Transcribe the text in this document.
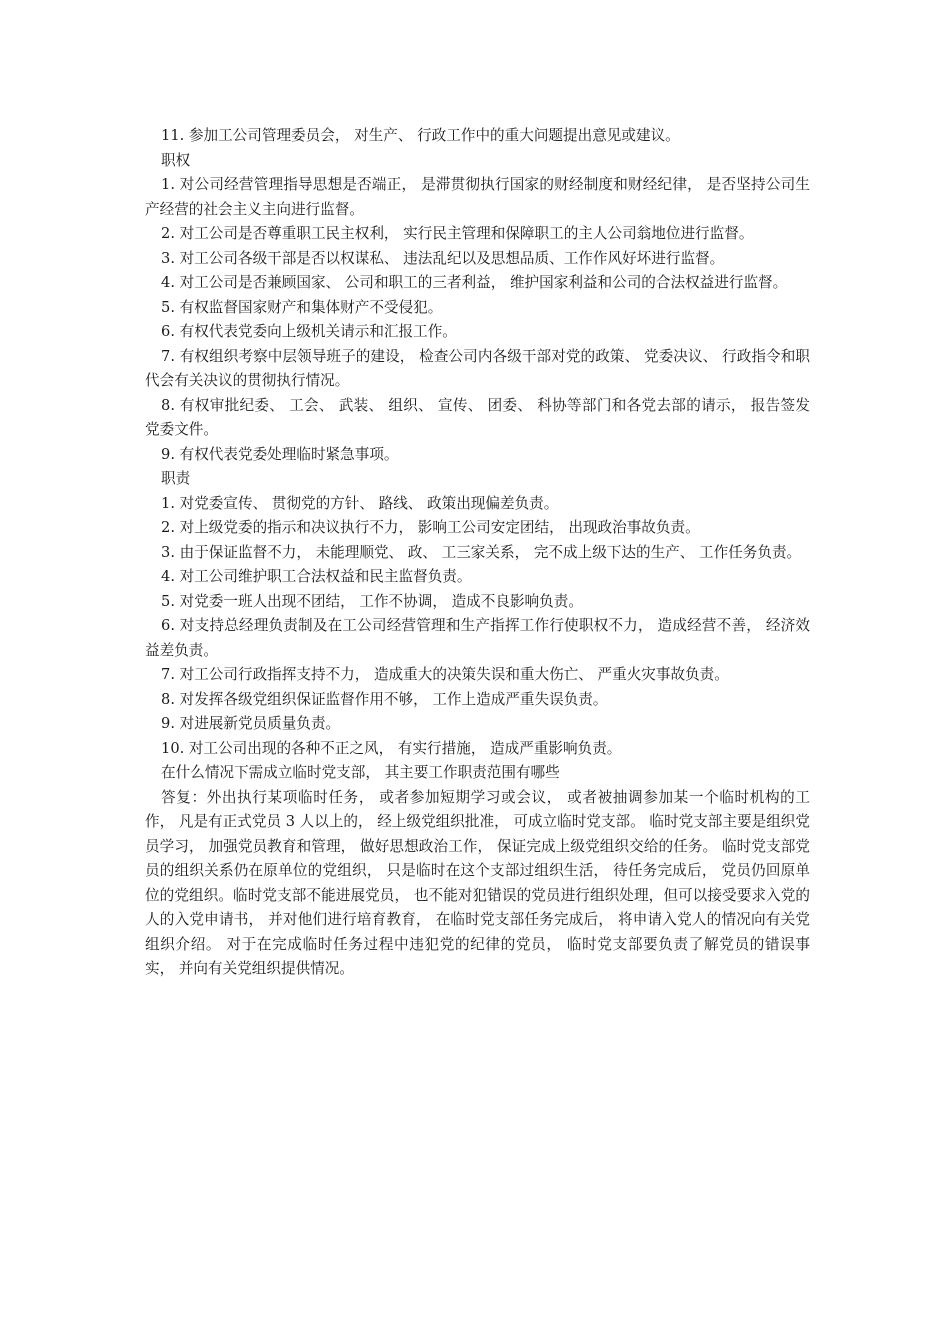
11. 参加工公司管理委员会， 对生产、 行政工作中的重大问题提出意见或建议。

职权

1. 对公司经营管理指导思想是否端正， 是滞贯彻执行国家的财经制度和财经纪律， 是否坚持公司生产经营的社会主义主向进行监督。

2. 对工公司是否尊重职工民主权利， 实行民主管理和保障职工的主人公司翁地位进行监督。

3. 对工公司各级干部是否以权谋私、 违法乱纪以及思想品质、工作作风好坏进行监督。

4. 对工公司是否兼顾国家、 公司和职工的三者利益， 维护国家利益和公司的合法权益进行监督。

5. 有权监督国家财产和集体财产不受侵犯。

6. 有权代表党委向上级机关请示和汇报工作。

7. 有权组织考察中层领导班子的建设， 检查公司内各级干部对党的政策、 党委决议、 行政指令和职代会有关决议的贯彻执行情况。

8. 有权审批纪委、 工会、 武装、 组织、 宣传、 团委、 科协等部门和各党去部的请示， 报告签发党委文件。

9. 有权代表党委处理临时紧急事项。

职责

1. 对党委宣传、 贯彻党的方针、 路线、 政策出现偏差负责。

2. 对上级党委的指示和决议执行不力， 影响工公司安定团结， 出现政治事故负责。

3. 由于保证监督不力， 未能理顺党、 政、 工三家关系， 完不成上级下达的生产、 工作任务负责。

4. 对工公司维护职工合法权益和民主监督负责。

5. 对党委一班人出现不团结， 工作不协调， 造成不良影响负责。

6. 对支持总经理负责制及在工公司经营管理和生产指挥工作行使职权不力， 造成经营不善， 经济效益差负责。

7. 对工公司行政指挥支持不力， 造成重大的决策失误和重大伤亡、 严重火灾事故负责。

8. 对发挥各级党组织保证监督作用不够， 工作上造成严重失误负责。

9. 对进展新党员质量负责。

10. 对工公司出现的各种不正之风， 有实行措施， 造成严重影响负责。

在什么情况下需成立临时党支部， 其主要工作职责范围有哪些

答复：外出执行某项临时任务， 或者参加短期学习或会议， 或者被抽调参加某一个临时机构的工作， 凡是有正式党员 3 人以上的， 经上级党组织批准， 可成立临时党支部。 临时党支部主要是组织党员学习， 加强党员教育和管理， 做好思想政治工作， 保证完成上级党组织交给的任务。 临时党支部党员的组织关系仍在原单位的党组织， 只是临时在这个支部过组织生活， 待任务完成后， 党员仍回原单位的党组织。临时党支部不能进展党员， 也不能对犯错误的党员进行组织处理，但可以接受要求入党的人的入党申请书， 并对他们进行培育教育， 在临时党支部任务完成后， 将申请入党人的情况向有关党组织介绍。 对于在完成临时任务过程中违犯党的纪律的党员， 临时党支部要负责了解党员的错误事实， 并向有关党组织提供情况。
